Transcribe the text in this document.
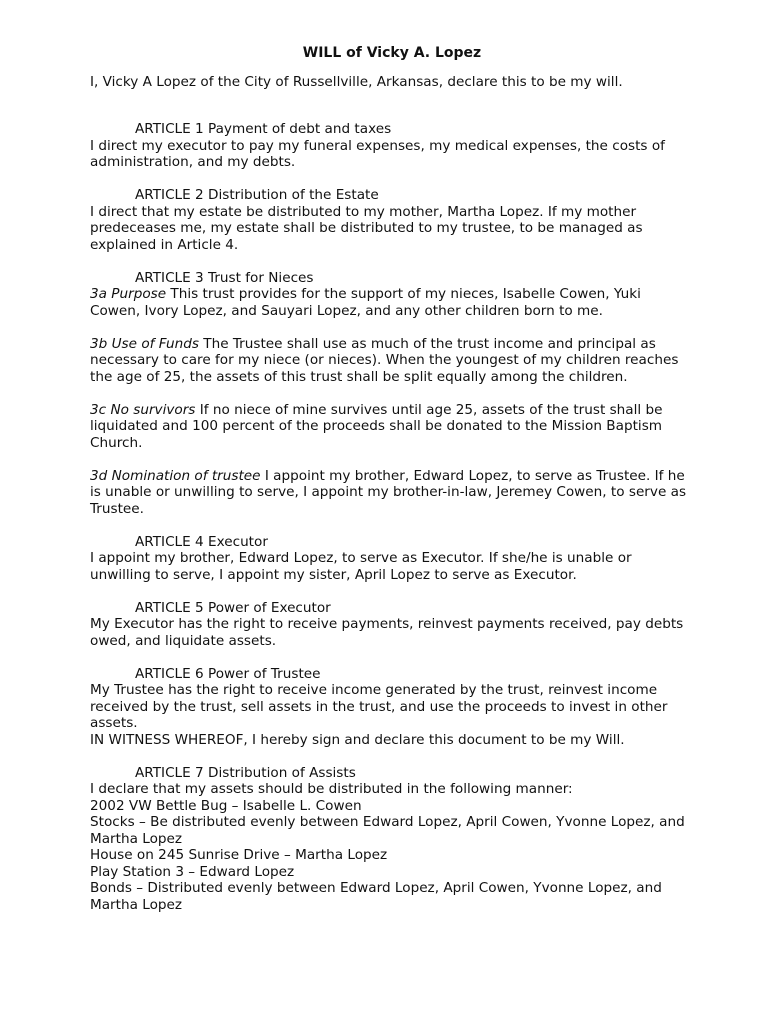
WILL of Vicky A. Lopez
I, Vicky A Lopez of the City of Russellville, Arkansas, declare this to be my will.
ARTICLE 1 Payment of debt and taxes
I direct my executor to pay my funeral expenses, my medical expenses, the costs of administration, and my debts.
ARTICLE 2 Distribution of the Estate
I direct that my estate be distributed to my mother, Martha Lopez. If my mother predeceases me, my estate shall be distributed to my trustee, to be managed as explained in Article 4.
ARTICLE 3 Trust for Nieces
3a Purpose This trust provides for the support of my nieces, Isabelle Cowen, Yuki Cowen, Ivory Lopez, and Sauyari Lopez, and any other children born to me.
3b Use of Funds The Trustee shall use as much of the trust income and principal as necessary to care for my niece (or nieces). When the youngest of my children reaches the age of 25, the assets of this trust shall be split equally among the children.
3c No survivors If no niece of mine survives until age 25, assets of the trust shall be liquidated and 100 percent of the proceeds shall be donated to the Mission Baptism Church.
3d Nomination of trustee I appoint my brother, Edward Lopez, to serve as Trustee. If he is unable or unwilling to serve, I appoint my brother-in-law, Jeremey Cowen, to serve as Trustee.
ARTICLE 4 Executor
I appoint my brother, Edward Lopez, to serve as Executor. If she/he is unable or unwilling to serve, I appoint my sister, April Lopez to serve as Executor.
ARTICLE 5 Power of Executor
My Executor has the right to receive payments, reinvest payments received, pay debts owed, and liquidate assets.
ARTICLE 6 Power of Trustee
My Trustee has the right to receive income generated by the trust, reinvest income received by the trust, sell assets in the trust, and use the proceeds to invest in other assets.
IN WITNESS WHEREOF, I hereby sign and declare this document to be my Will.
ARTICLE 7 Distribution of Assists
I declare that my assets should be distributed in the following manner:
2002 VW Bettle Bug – Isabelle L. Cowen
Stocks – Be distributed evenly between Edward Lopez, April Cowen, Yvonne Lopez, and Martha Lopez
House on 245 Sunrise Drive – Martha Lopez
Play Station 3 – Edward Lopez
Bonds – Distributed evenly between Edward Lopez, April Cowen, Yvonne Lopez, and Martha Lopez
